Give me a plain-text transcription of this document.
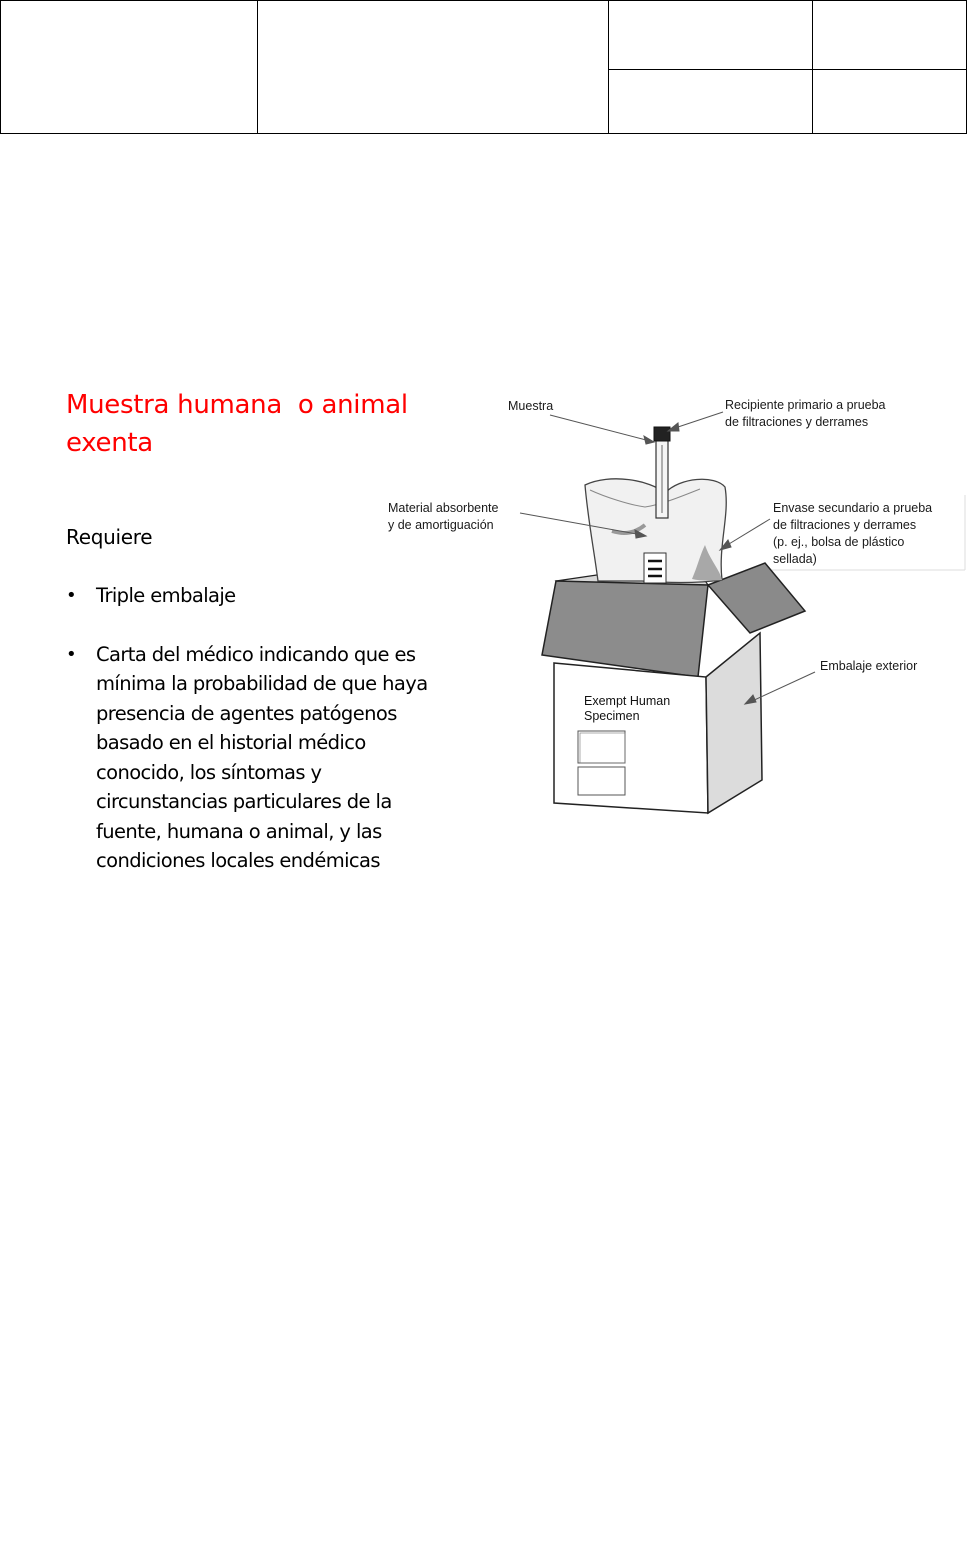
Muestra humana  o animal
exenta
Requiere
• Triple embalaje
• Carta del médico indicando que es mínima la probabilidad de que haya presencia de agentes patógenos basado en el historial médico conocido, los síntomas y circunstancias particulares de la fuente, humana o animal, y las condiciones locales endémicas
Muestra	Recipiente primario a prueba
de filtraciones y derrames
Material absorbente
y de amortiguación
Envase secundario a prueba
de filtraciones y derrames
(p. ej., bolsa de plástico
sellada)
Embalaje exterior
Exempt Human
Specimen
